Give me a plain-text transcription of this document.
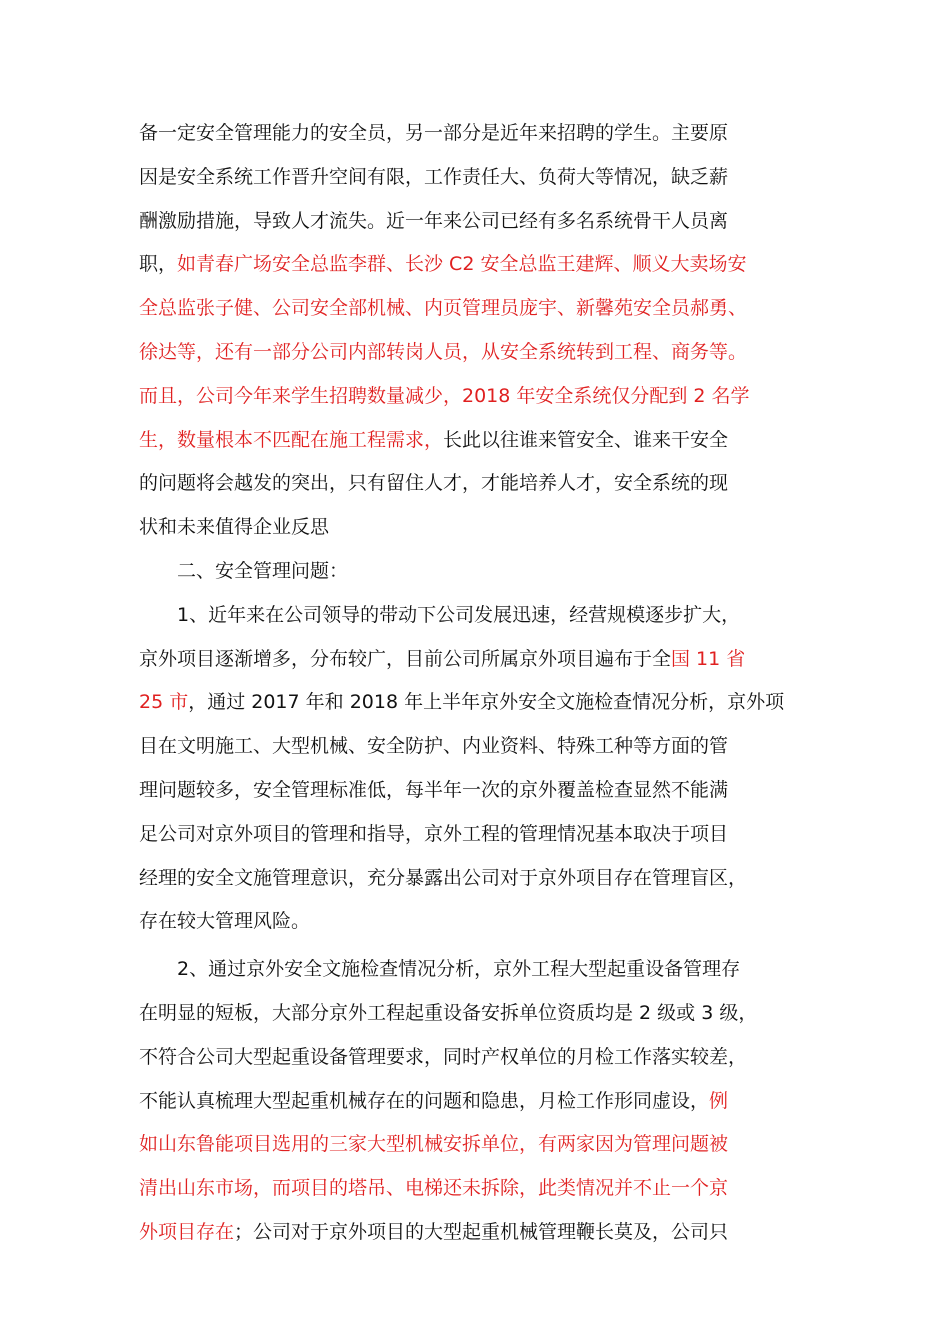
备一定安全管理能力的安全员，另一部分是近年来招聘的学生。主要原
因是安全系统工作晋升空间有限，工作责任大、负荷大等情况，缺乏薪
酬激励措施，导致人才流失。近一年来公司已经有多名系统骨干人员离
职，如青春广场安全总监李群、长沙 C2 安全总监王建辉、顺义大卖场安
全总监张子健、公司安全部机械、内页管理员庞宇、新馨苑安全员郝勇、
徐达等，还有一部分公司内部转岗人员，从安全系统转到工程、商务等。
而且，公司今年来学生招聘数量减少，2018 年安全系统仅分配到 2 名学
生，数量根本不匹配在施工程需求，长此以往谁来管安全、谁来干安全
的问题将会越发的突出，只有留住人才，才能培养人才，安全系统的现
状和未来值得企业反思
二、安全管理问题：
1、近年来在公司领导的带动下公司发展迅速，经营规模逐步扩大，
京外项目逐渐增多，分布较广，目前公司所属京外项目遍布于全国 11 省
25 市，通过 2017 年和 2018 年上半年京外安全文施检查情况分析，京外项
目在文明施工、大型机械、安全防护、内业资料、特殊工种等方面的管
理问题较多，安全管理标准低，每半年一次的京外覆盖检查显然不能满
足公司对京外项目的管理和指导，京外工程的管理情况基本取决于项目
经理的安全文施管理意识，充分暴露出公司对于京外项目存在管理盲区，
存在较大管理风险。
2、通过京外安全文施检查情况分析，京外工程大型起重设备管理存
在明显的短板，大部分京外工程起重设备安拆单位资质均是 2 级或 3 级，
不符合公司大型起重设备管理要求，同时产权单位的月检工作落实较差，
不能认真梳理大型起重机械存在的问题和隐患，月检工作形同虚设，例
如山东鲁能项目选用的三家大型机械安拆单位，有两家因为管理问题被
清出山东市场，而项目的塔吊、电梯还未拆除，此类情况并不止一个京
外项目存在；公司对于京外项目的大型起重机械管理鞭长莫及，公司只
